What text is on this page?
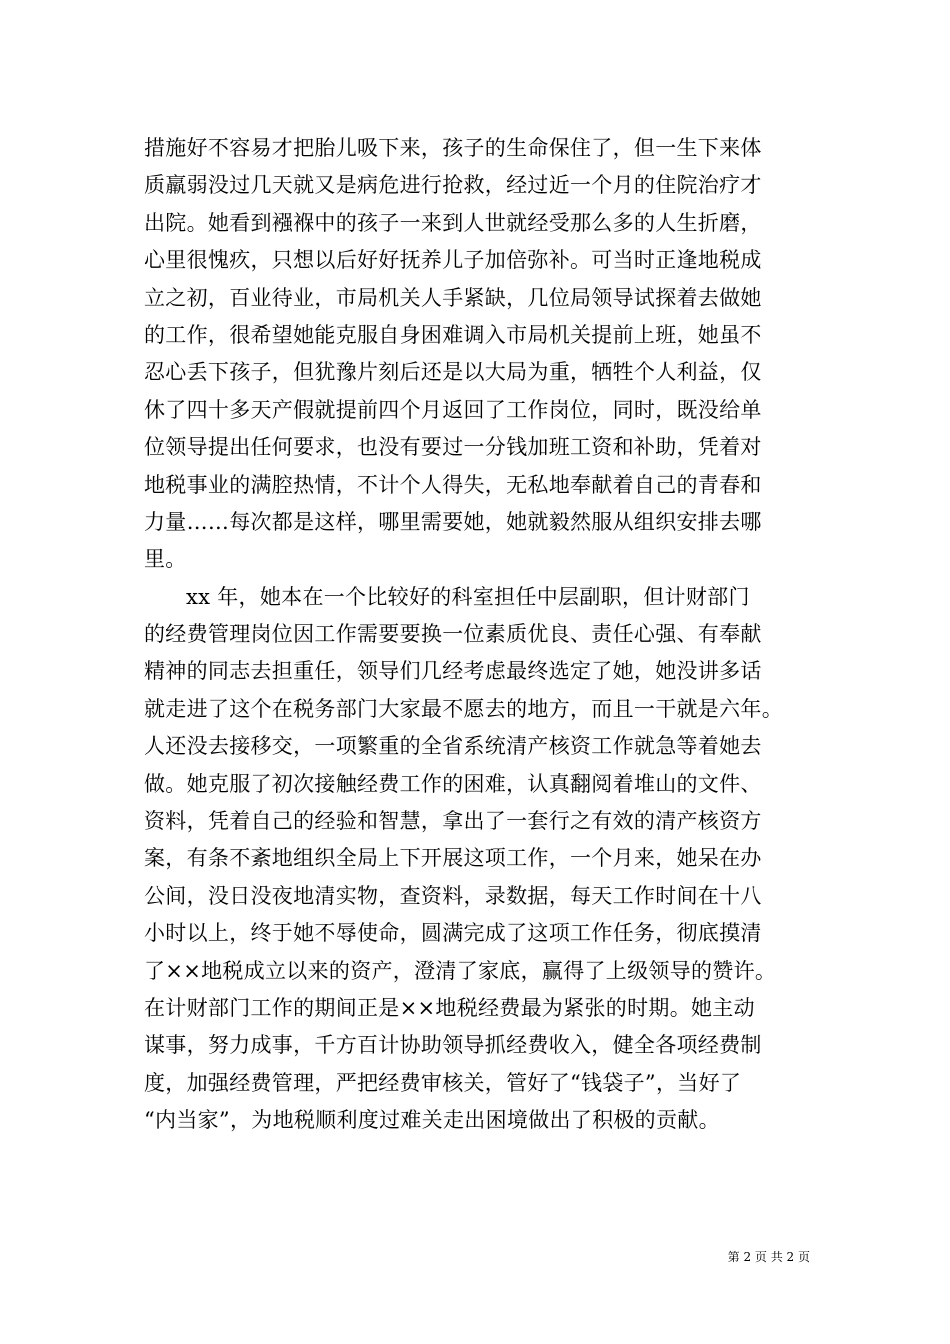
措施好不容易才把胎儿吸下来，孩子的生命保住了，但一生下来体
质羸弱没过几天就又是病危进行抢救，经过近一个月的住院治疗才
出院。她看到襁褓中的孩子一来到人世就经受那么多的人生折磨，
心里很愧疚，只想以后好好抚养儿子加倍弥补。可当时正逢地税成
立之初，百业待业，市局机关人手紧缺，几位局领导试探着去做她
的工作，很希望她能克服自身困难调入市局机关提前上班，她虽不
忍心丢下孩子，但犹豫片刻后还是以大局为重，牺牲个人利益，仅
休了四十多天产假就提前四个月返回了工作岗位，同时，既没给单
位领导提出任何要求，也没有要过一分钱加班工资和补助，凭着对
地税事业的满腔热情，不计个人得失，无私地奉献着自己的青春和
力量……每次都是这样，哪里需要她，她就毅然服从组织安排去哪
里。
xx 年，她本在一个比较好的科室担任中层副职，但计财部门
的经费管理岗位因工作需要要换一位素质优良、责任心强、有奉献
精神的同志去担重任，领导们几经考虑最终选定了她，她没讲多话
就走进了这个在税务部门大家最不愿去的地方，而且一干就是六年。
人还没去接移交，一项繁重的全省系统清产核资工作就急等着她去
做。她克服了初次接触经费工作的困难，认真翻阅着堆山的文件、
资料，凭着自己的经验和智慧，拿出了一套行之有效的清产核资方
案，有条不紊地组织全局上下开展这项工作，一个月来，她呆在办
公间，没日没夜地清实物，查资料，录数据，每天工作时间在十八
小时以上，终于她不辱使命，圆满完成了这项工作任务，彻底摸清
了××地税成立以来的资产，澄清了家底，赢得了上级领导的赞许。
在计财部门工作的期间正是××地税经费最为紧张的时期。她主动
谋事，努力成事，千方百计协助领导抓经费收入，健全各项经费制
度，加强经费管理，严把经费审核关，管好了“钱袋子”，当好了
“内当家”，为地税顺利度过难关走出困境做出了积极的贡献。
第 2 页 共 2 页
